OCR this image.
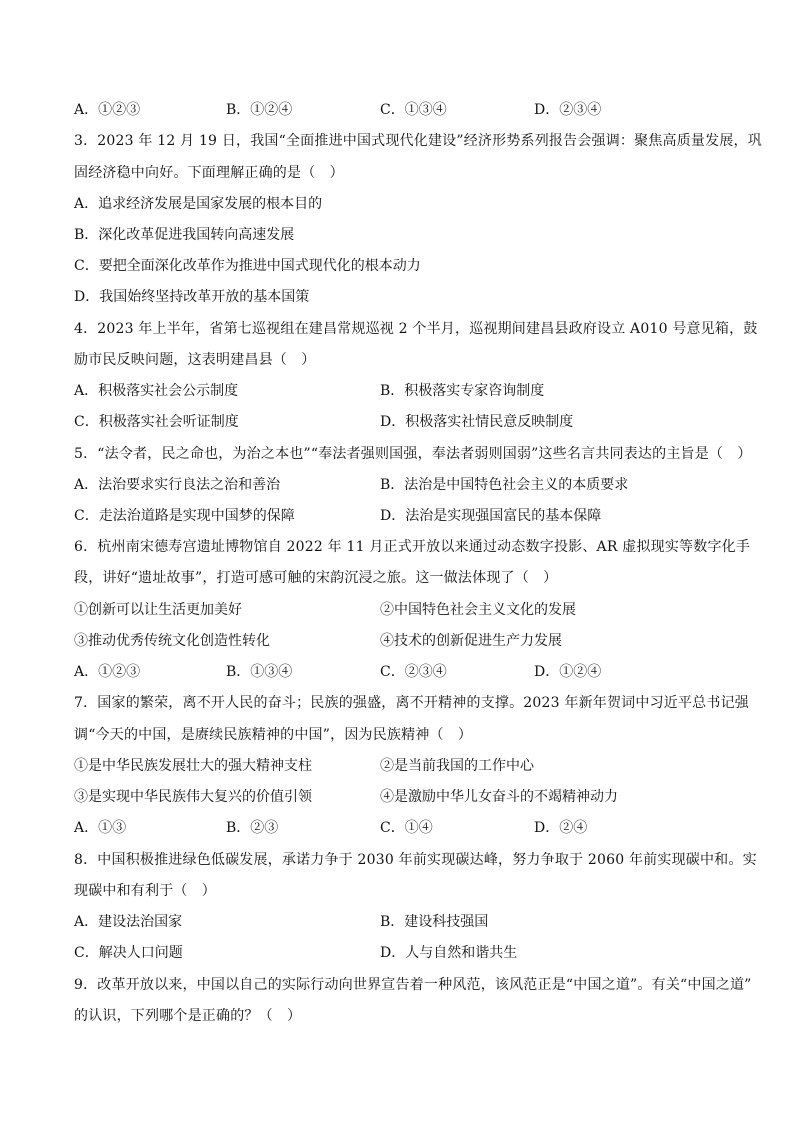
A．①②③	B．①②④	C．①③④	D．②③④
3．2023 年 12 月 19 日，我国“全面推进中国式现代化建设”经济形势系列报告会强调：聚焦高质量发展，巩
固经济稳中向好。下面理解正确的是（　）
A．追求经济发展是国家发展的根本目的
B．深化改革促进我国转向高速发展
C．要把全面深化改革作为推进中国式现代化的根本动力
D．我国始终坚持改革开放的基本国策
4．2023 年上半年，省第七巡视组在建昌常规巡视 2 个半月，巡视期间建昌县政府设立 A010 号意见箱，鼓
励市民反映问题，这表明建昌县（　）
A．积极落实社会公示制度	B．积极落实专家咨询制度
C．积极落实社会听证制度	D．积极落实社情民意反映制度
5．“法令者，民之命也，为治之本也”“奉法者强则国强，奉法者弱则国弱”这些名言共同表达的主旨是（　）
A．法治要求实行良法之治和善治	B．法治是中国特色社会主义的本质要求
C．走法治道路是实现中国梦的保障	D．法治是实现强国富民的基本保障
6．杭州南宋德寿宫遗址博物馆自 2022 年 11 月正式开放以来通过动态数字投影、AR 虚拟现实等数字化手
段，讲好“遗址故事”，打造可感可触的宋韵沉浸之旅。这一做法体现了（　）
①创新可以让生活更加美好	②中国特色社会主义文化的发展
③推动优秀传统文化创造性转化	④技术的创新促进生产力发展
A．①②③	B．①③④	C．②③④	D．①②④
7．国家的繁荣，离不开人民的奋斗；民族的强盛，离不开精神的支撑。2023 年新年贺词中习近平总书记强
调“今天的中国，是赓续民族精神的中国”，因为民族精神（　）
①是中华民族发展壮大的强大精神支柱	②是当前我国的工作中心
③是实现中华民族伟大复兴的价值引领	④是激励中华儿女奋斗的不竭精神动力
A．①③	B．②③	C．①④	D．②④
8．中国积极推进绿色低碳发展，承诺力争于 2030 年前实现碳达峰，努力争取于 2060 年前实现碳中和。实
现碳中和有利于（　）
A．建设法治国家	B．建设科技强国
C．解决人口问题	D．人与自然和谐共生
9．改革开放以来，中国以自己的实际行动向世界宣告着一种风范，该风范正是“中国之道”。有关“中国之道”
的认识，下列哪个是正确的？（　）
